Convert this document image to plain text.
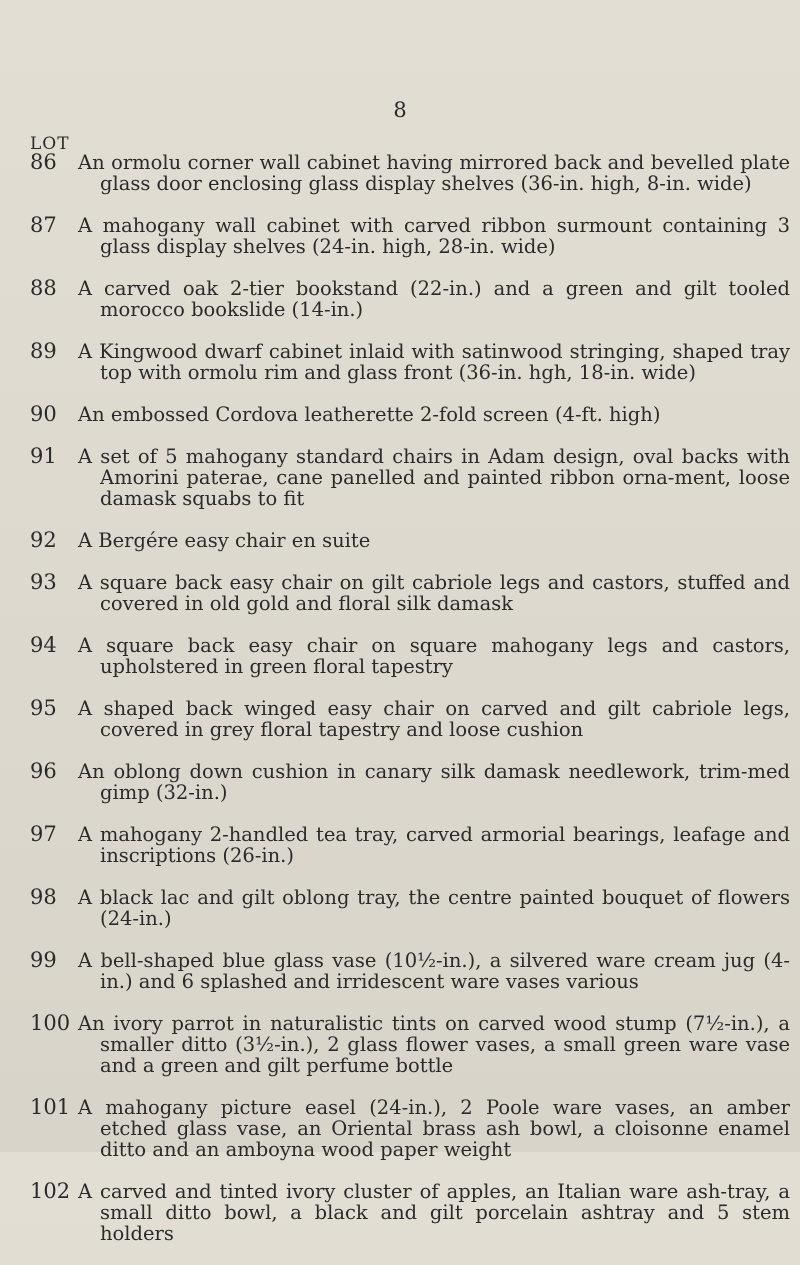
8
LOT
86	An ormolu corner wall cabinet having mirrored back and bevelled plate glass door enclosing glass display shelves (36-in. high, 8-in. wide)
87	A mahogany wall cabinet with carved ribbon surmount containing 3 glass display shelves (24-in. high, 28-in. wide)
88	A carved oak 2-tier bookstand (22-in.) and a green and gilt tooled morocco bookslide (14-in.)
89	A Kingwood dwarf cabinet inlaid with satinwood stringing, shaped tray top with ormolu rim and glass front (36-in. hgh, 18-in. wide)
90	An embossed Cordova leatherette 2-fold screen (4-ft. high)
91	A set of 5 mahogany standard chairs in Adam design, oval backs with Amorini paterae, cane panelled and painted ribbon orna-ment, loose damask squabs to fit
92	A Bergére easy chair en suite
93	A square back easy chair on gilt cabriole legs and castors, stuffed and covered in old gold and floral silk damask
94	A square back easy chair on square mahogany legs and castors, upholstered in green floral tapestry
95	A shaped back winged easy chair on carved and gilt cabriole legs, covered in grey floral tapestry and loose cushion
96	An oblong down cushion in canary silk damask needlework, trim-med gimp (32-in.)
97	A mahogany 2-handled tea tray, carved armorial bearings, leafage and inscriptions (26-in.)
98	A black lac and gilt oblong tray, the centre painted bouquet of flowers (24-in.)
99	A bell-shaped blue glass vase (10½-in.), a silvered ware cream jug (4-in.) and 6 splashed and irridescent ware vases various
100 An ivory parrot in naturalistic tints on carved wood stump (7½-in.), a smaller ditto (3½-in.), 2 glass flower vases, a small green ware vase and a green and gilt perfume bottle
101 A mahogany picture easel (24-in.), 2 Poole ware vases, an amber etched glass vase, an Oriental brass ash bowl, a cloisonne enamel ditto and an amboyna wood paper weight
102 A carved and tinted ivory cluster of apples, an Italian ware ash-tray, a small ditto bowl, a black and gilt porcelain ashtray and 5 stem holders
